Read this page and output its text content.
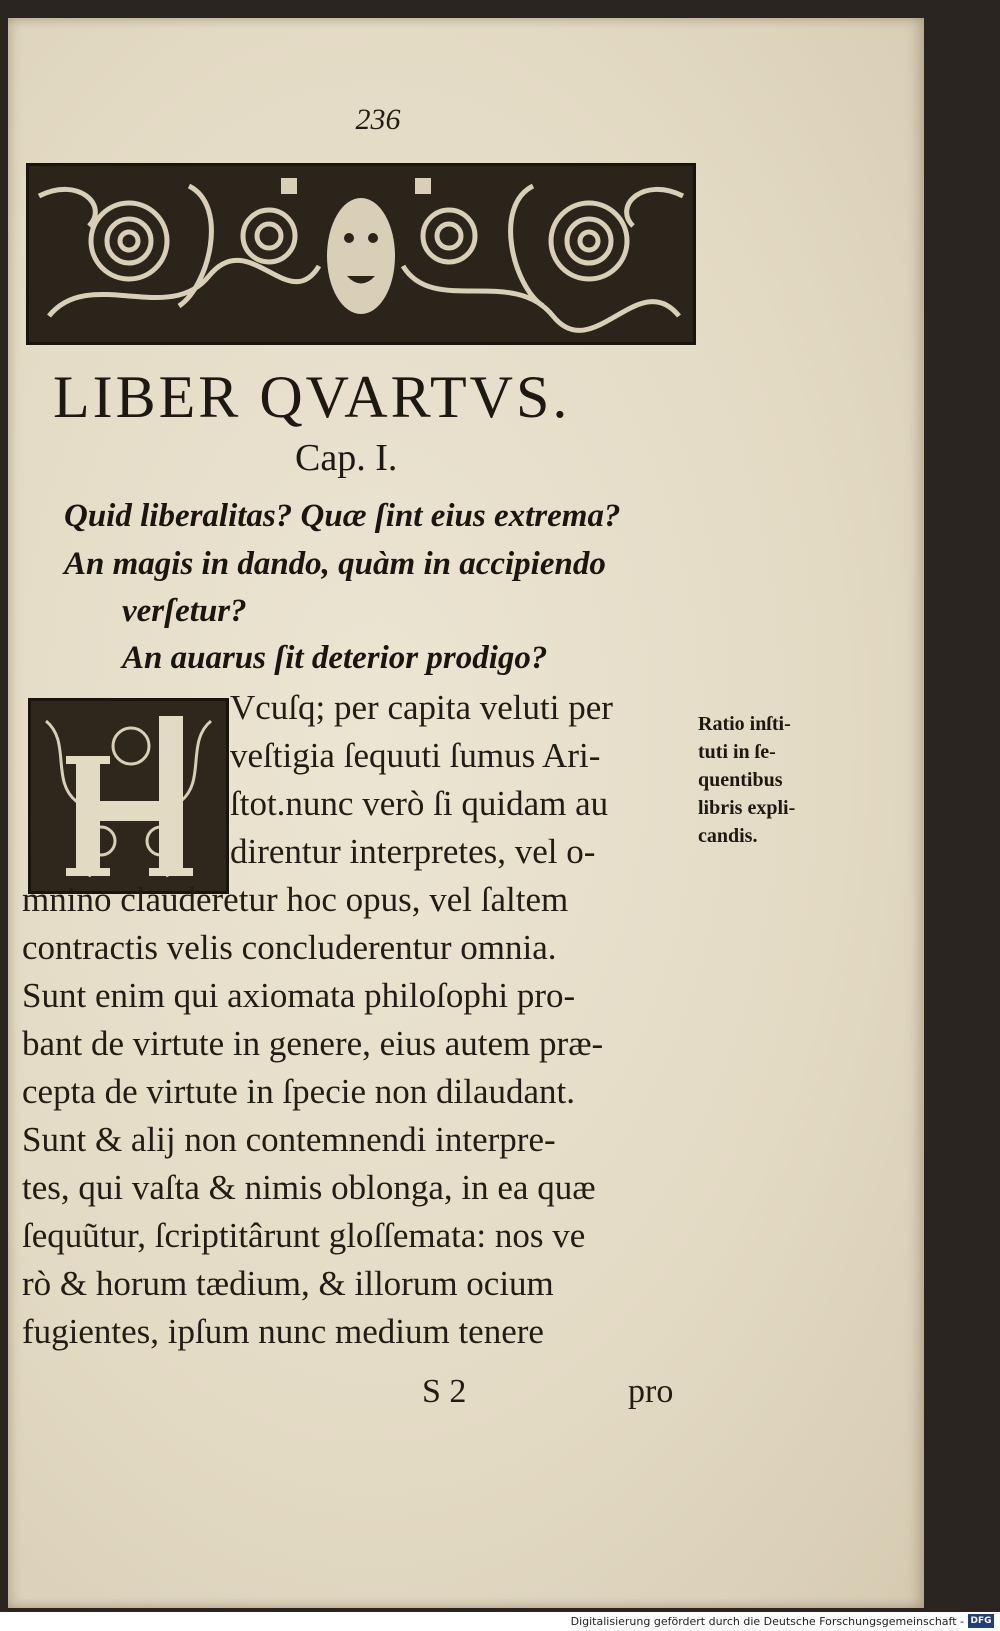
236
LIBER QVARTVS.
Cap. I.
Quid liberalitas? Quæ ſint eius extrema?
An magis in dando, quàm in accipiendo
verſetur?
An auarus ſit deterior prodigo?
Vcuſq; per capita veluti per
veſtigia ſequuti ſumus Ari-
ſtot.nunc verò ſi quidam au
direntur interpretes, vel o-
mnino clauderetur hoc opus, vel ſaltem
contractis velis concluderentur omnia.
Sunt enim qui axiomata philoſophi pro-
bant de virtute in genere, eius autem præ-
cepta de virtute in ſpecie non dilaudant.
Sunt & alij non contemnendi interpre-
tes, qui vaſta & nimis oblonga, in ea quæ
ſequũtur, ſcriptitârunt gloſſemata: nos ve
rò & horum tædium, & illorum ocium
fugientes, ipſum nunc medium tenere
Ratio inſti-
tuti in ſe-
quentibus
libris expli-
candis.
S 2	pro
Digitalisierung gefördert durch die Deutsche Forschungsgemeinschaft - DFG
